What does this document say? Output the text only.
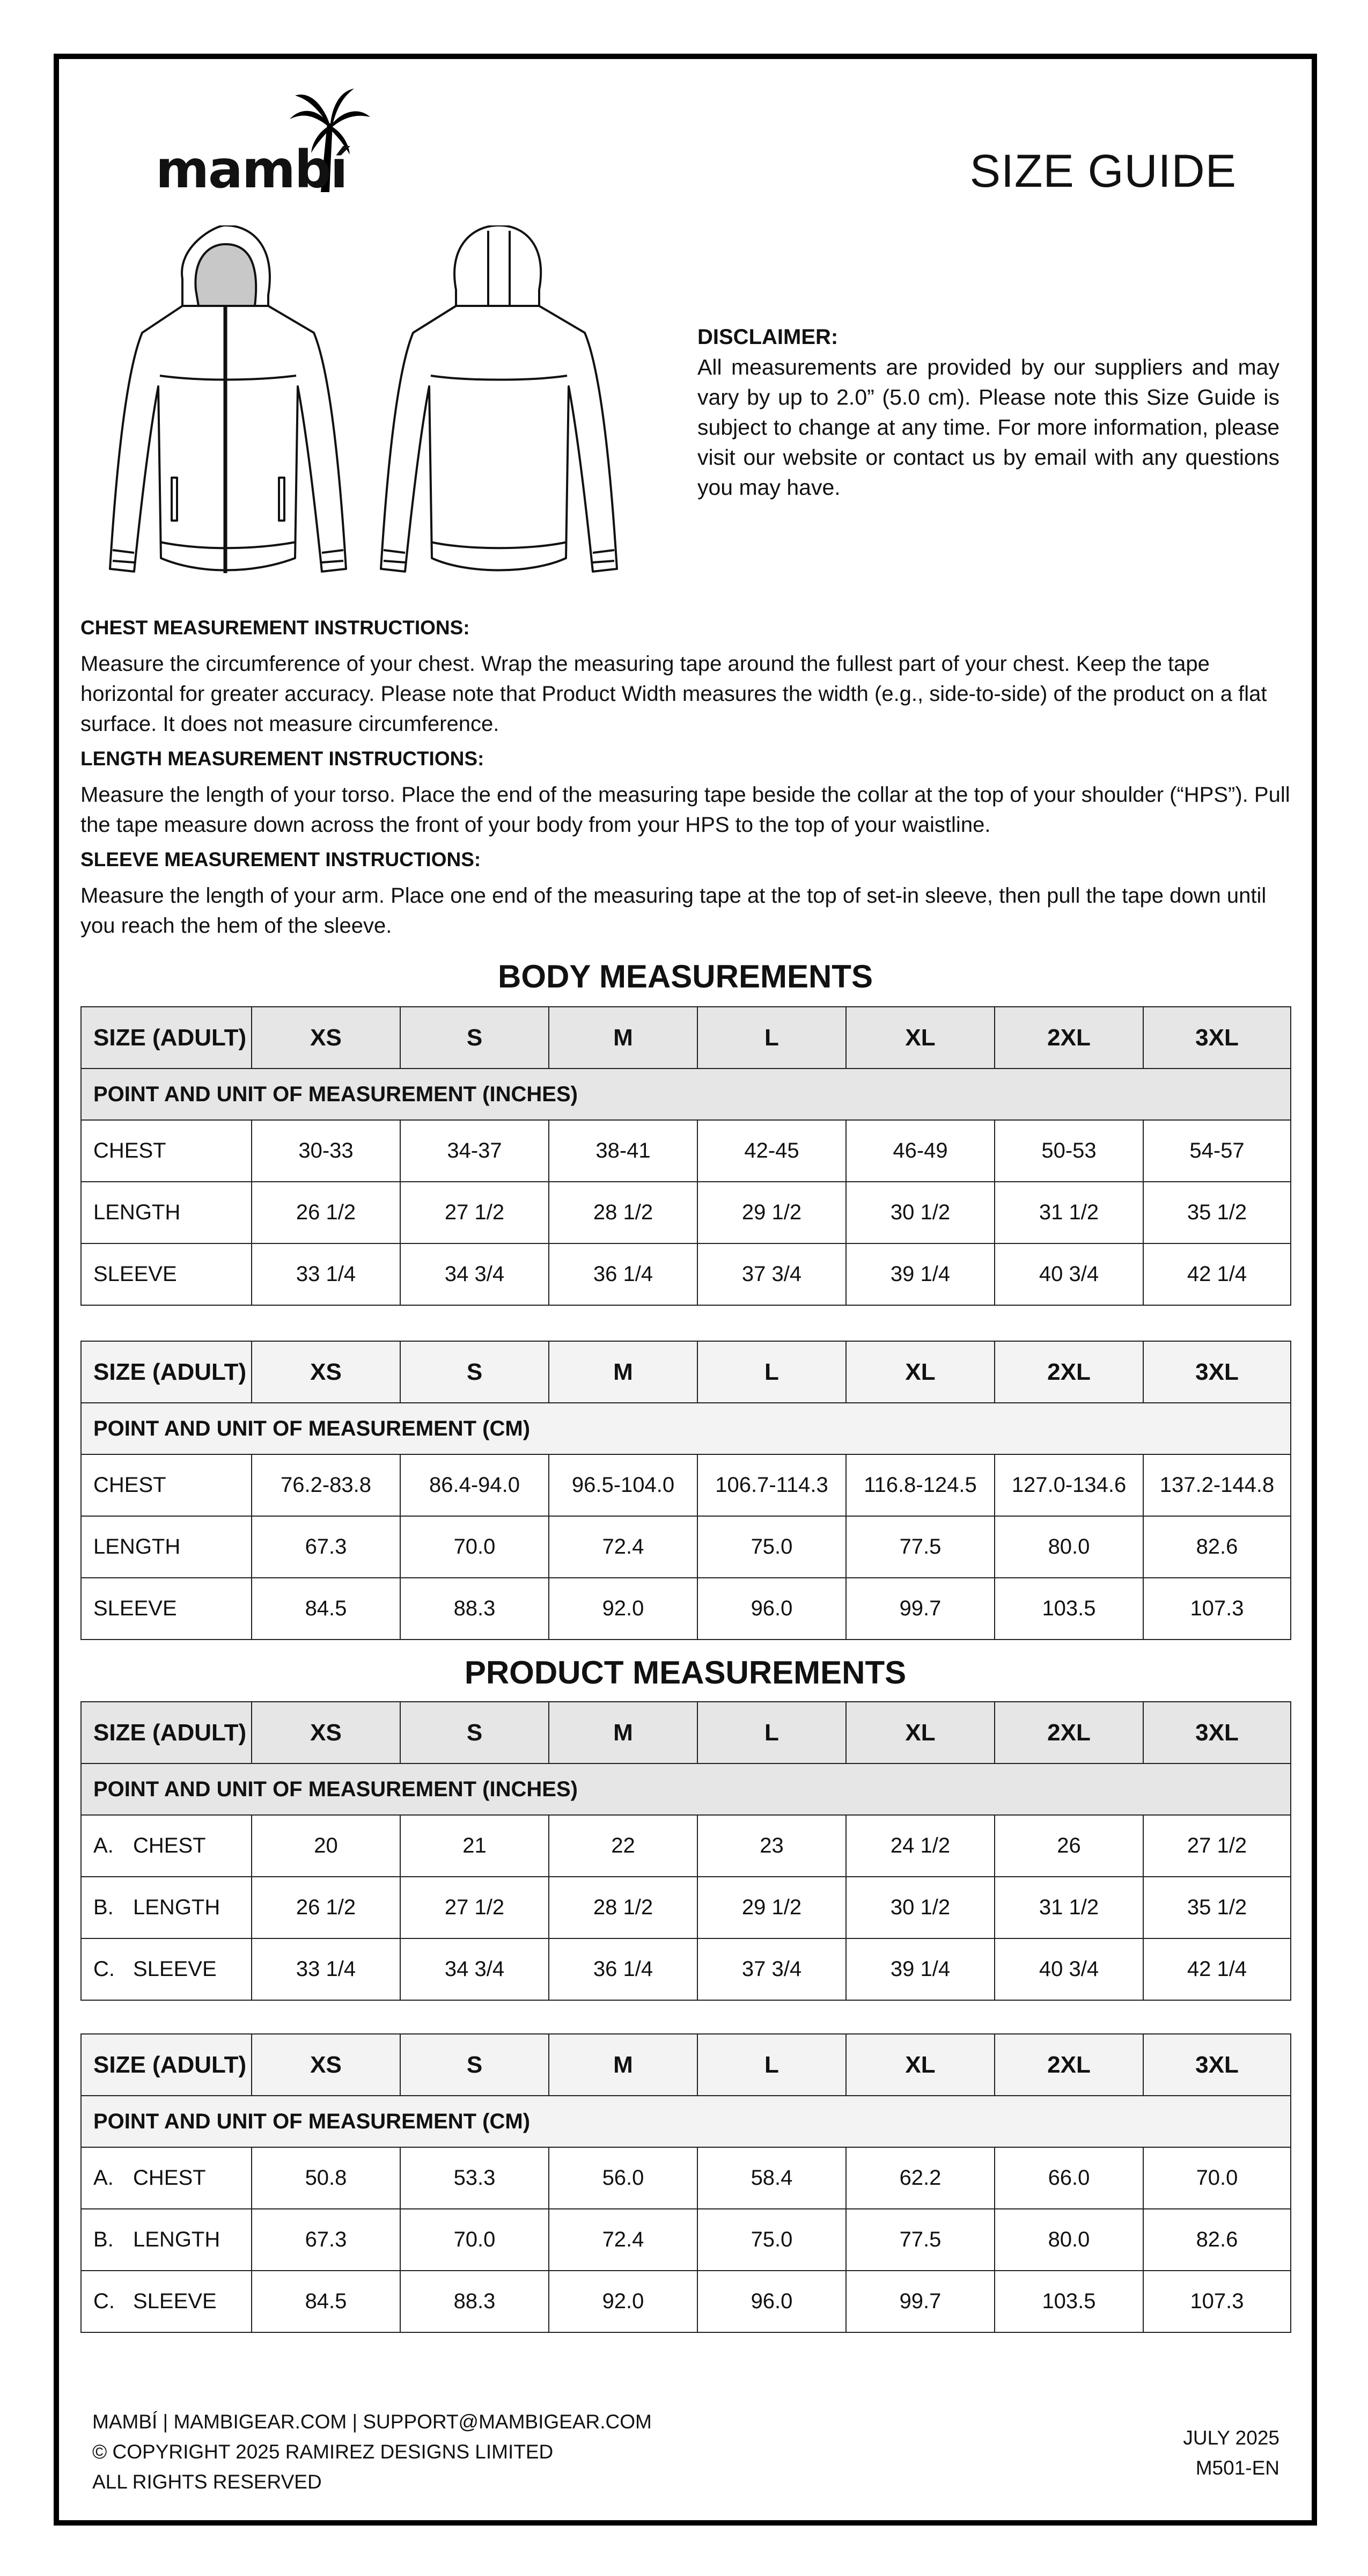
mambí	SIZE GUIDE
DISCLAIMER:
All measurements are provided by our suppliers and may vary by up to 2.0” (5.0 cm). Please note this Size Guide is subject to change at any time. For more information, please visit our website or contact us by email with any questions you may have.

CHEST MEASUREMENT INSTRUCTIONS:

Measure the circumference of your chest. Wrap the measuring tape around the fullest part of your chest. Keep the tape horizontal for greater accuracy. Please note that Product Width measures the width (e.g., side-to-side) of the product on a flat surface. It does not measure circumference.

LENGTH MEASUREMENT INSTRUCTIONS:

Measure the length of your torso. Place the end of the measuring tape beside the collar at the top of your shoulder (“HPS”). Pull the tape measure down across the front of your body from your HPS to the top of your waistline.

SLEEVE MEASUREMENT INSTRUCTIONS:

Measure the length of your arm. Place one end of the measuring tape at the top of set-in sleeve, then pull the tape down until you reach the hem of the sleeve.

BODY MEASUREMENTS
SIZE (ADULT)	XS	S	M	L	XL	2XL	3XL
POINT AND UNIT OF MEASUREMENT (INCHES)							
CHEST	30-33	34-37	38-41	42-45	46-49	50-53	54-57
LENGTH	26 1/2	27 1/2	28 1/2	29 1/2	30 1/2	31 1/2	35 1/2
SLEEVE	33 1/4	34 3/4	36 1/4	37 3/4	39 1/4	40 3/4	42 1/4
SIZE (ADULT)	XS	S	M	L	XL	2XL	3XL
POINT AND UNIT OF MEASUREMENT (CM)							
CHEST	76.2-83.8	86.4-94.0	96.5-104.0	106.7-114.3	116.8-124.5	127.0-134.6	137.2-144.8
LENGTH	67.3	70.0	72.4	75.0	77.5	80.0	82.6
SLEEVE	84.5	88.3	92.0	96.0	99.7	103.5	107.3
PRODUCT MEASUREMENTS
SIZE (ADULT)	XS	S	M	L	XL	2XL	3XL
POINT AND UNIT OF MEASUREMENT (INCHES)							
A. CHEST	20	21	22	23	24 1/2	26	27 1/2
B. LENGTH	26 1/2	27 1/2	28 1/2	29 1/2	30 1/2	31 1/2	35 1/2
C. SLEEVE	33 1/4	34 3/4	36 1/4	37 3/4	39 1/4	40 3/4	42 1/4
SIZE (ADULT)	XS	S	M	L	XL	2XL	3XL
POINT AND UNIT OF MEASUREMENT (CM)							
A. CHEST	50.8	53.3	56.0	58.4	62.2	66.0	70.0
B. LENGTH	67.3	70.0	72.4	75.0	77.5	80.0	82.6
C. SLEEVE	84.5	88.3	92.0	96.0	99.7	103.5	107.3
MAMBÍ | MAMBIGEAR.COM | SUPPORT@MAMBIGEAR.COM
© COPYRIGHT 2025 RAMIREZ DESIGNS LIMITED
ALL RIGHTS RESERVED
JULY 2025
M501-EN
